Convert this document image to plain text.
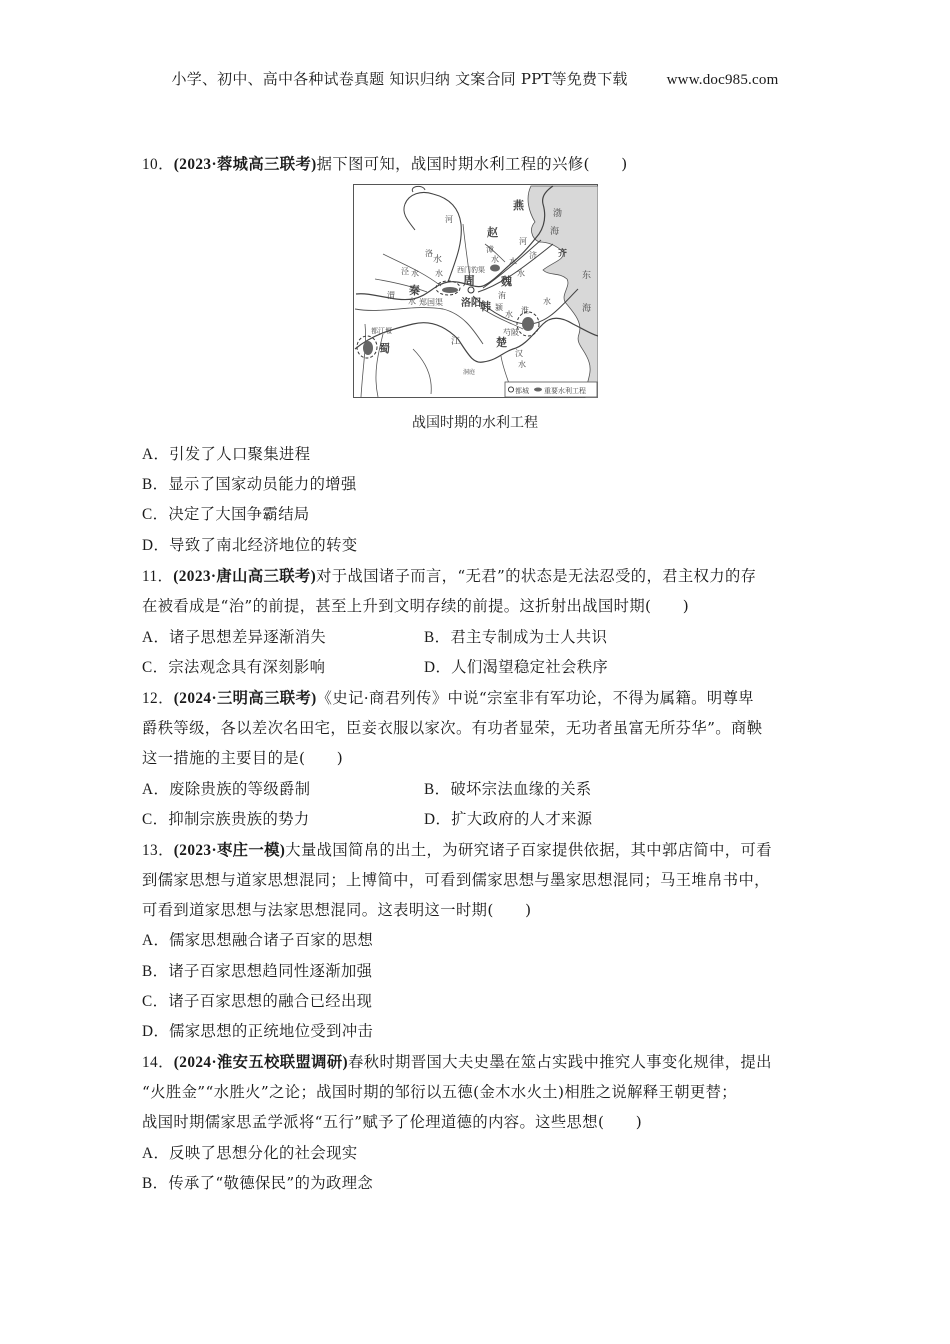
小学、初中、高中各种试卷真题 知识归纳 文案合同 PPT等免费下载	www.doc985.com
10．(2023·蓉城高三联考)据下图可知，战国时期水利工程的兴修(　　)
燕
赵
渤
海
齐
东
海
河
河
水
济
水
洛
水
水
泾 水
渭
水
秦
郑国渠
周
洛阳
魏
韩
漳
水
西门豹渠
洧
颍
水 淮
水
芍陂
江	楚
汉
水
都江堰
蜀
洞庭
都城 重要水利工程
战国时期的水利工程
A．引发了人口聚集进程
B．显示了国家动员能力的增强
C．决定了大国争霸结局
D．导致了南北经济地位的转变
11．(2023·唐山高三联考)对于战国诸子而言，“无君”的状态是无法忍受的，君主权力的存
在被看成是“治”的前提，甚至上升到文明存续的前提。这折射出战国时期(　　)
A．诸子思想差异逐渐消失	B．君主专制成为士人共识
C．宗法观念具有深刻影响	D．人们渴望稳定社会秩序
12．(2024·三明高三联考)《史记·商君列传》中说“宗室非有军功论，不得为属籍。明尊卑
爵秩等级，各以差次名田宅，臣妾衣服以家次。有功者显荣，无功者虽富无所芬华”。商鞅
这一措施的主要目的是(　　)
A．废除贵族的等级爵制	B．破坏宗法血缘的关系
C．抑制宗族贵族的势力	D．扩大政府的人才来源
13．(2023·枣庄一模)大量战国简帛的出土，为研究诸子百家提供依据，其中郭店简中，可看
到儒家思想与道家思想混同；上博简中，可看到儒家思想与墨家思想混同；马王堆帛书中，
可看到道家思想与法家思想混同。这表明这一时期(　　)
A．儒家思想融合诸子百家的思想
B．诸子百家思想趋同性逐渐加强
C．诸子百家思想的融合已经出现
D．儒家思想的正统地位受到冲击
14．(2024·淮安五校联盟调研)春秋时期晋国大夫史墨在筮占实践中推究人事变化规律，提出
“火胜金”“水胜火”之论；战国时期的邹衍以五德(金木水火土)相胜之说解释王朝更替；
战国时期儒家思孟学派将“五行”赋予了伦理道德的内容。这些思想(　　)
A．反映了思想分化的社会现实
B．传承了“敬德保民”的为政理念
